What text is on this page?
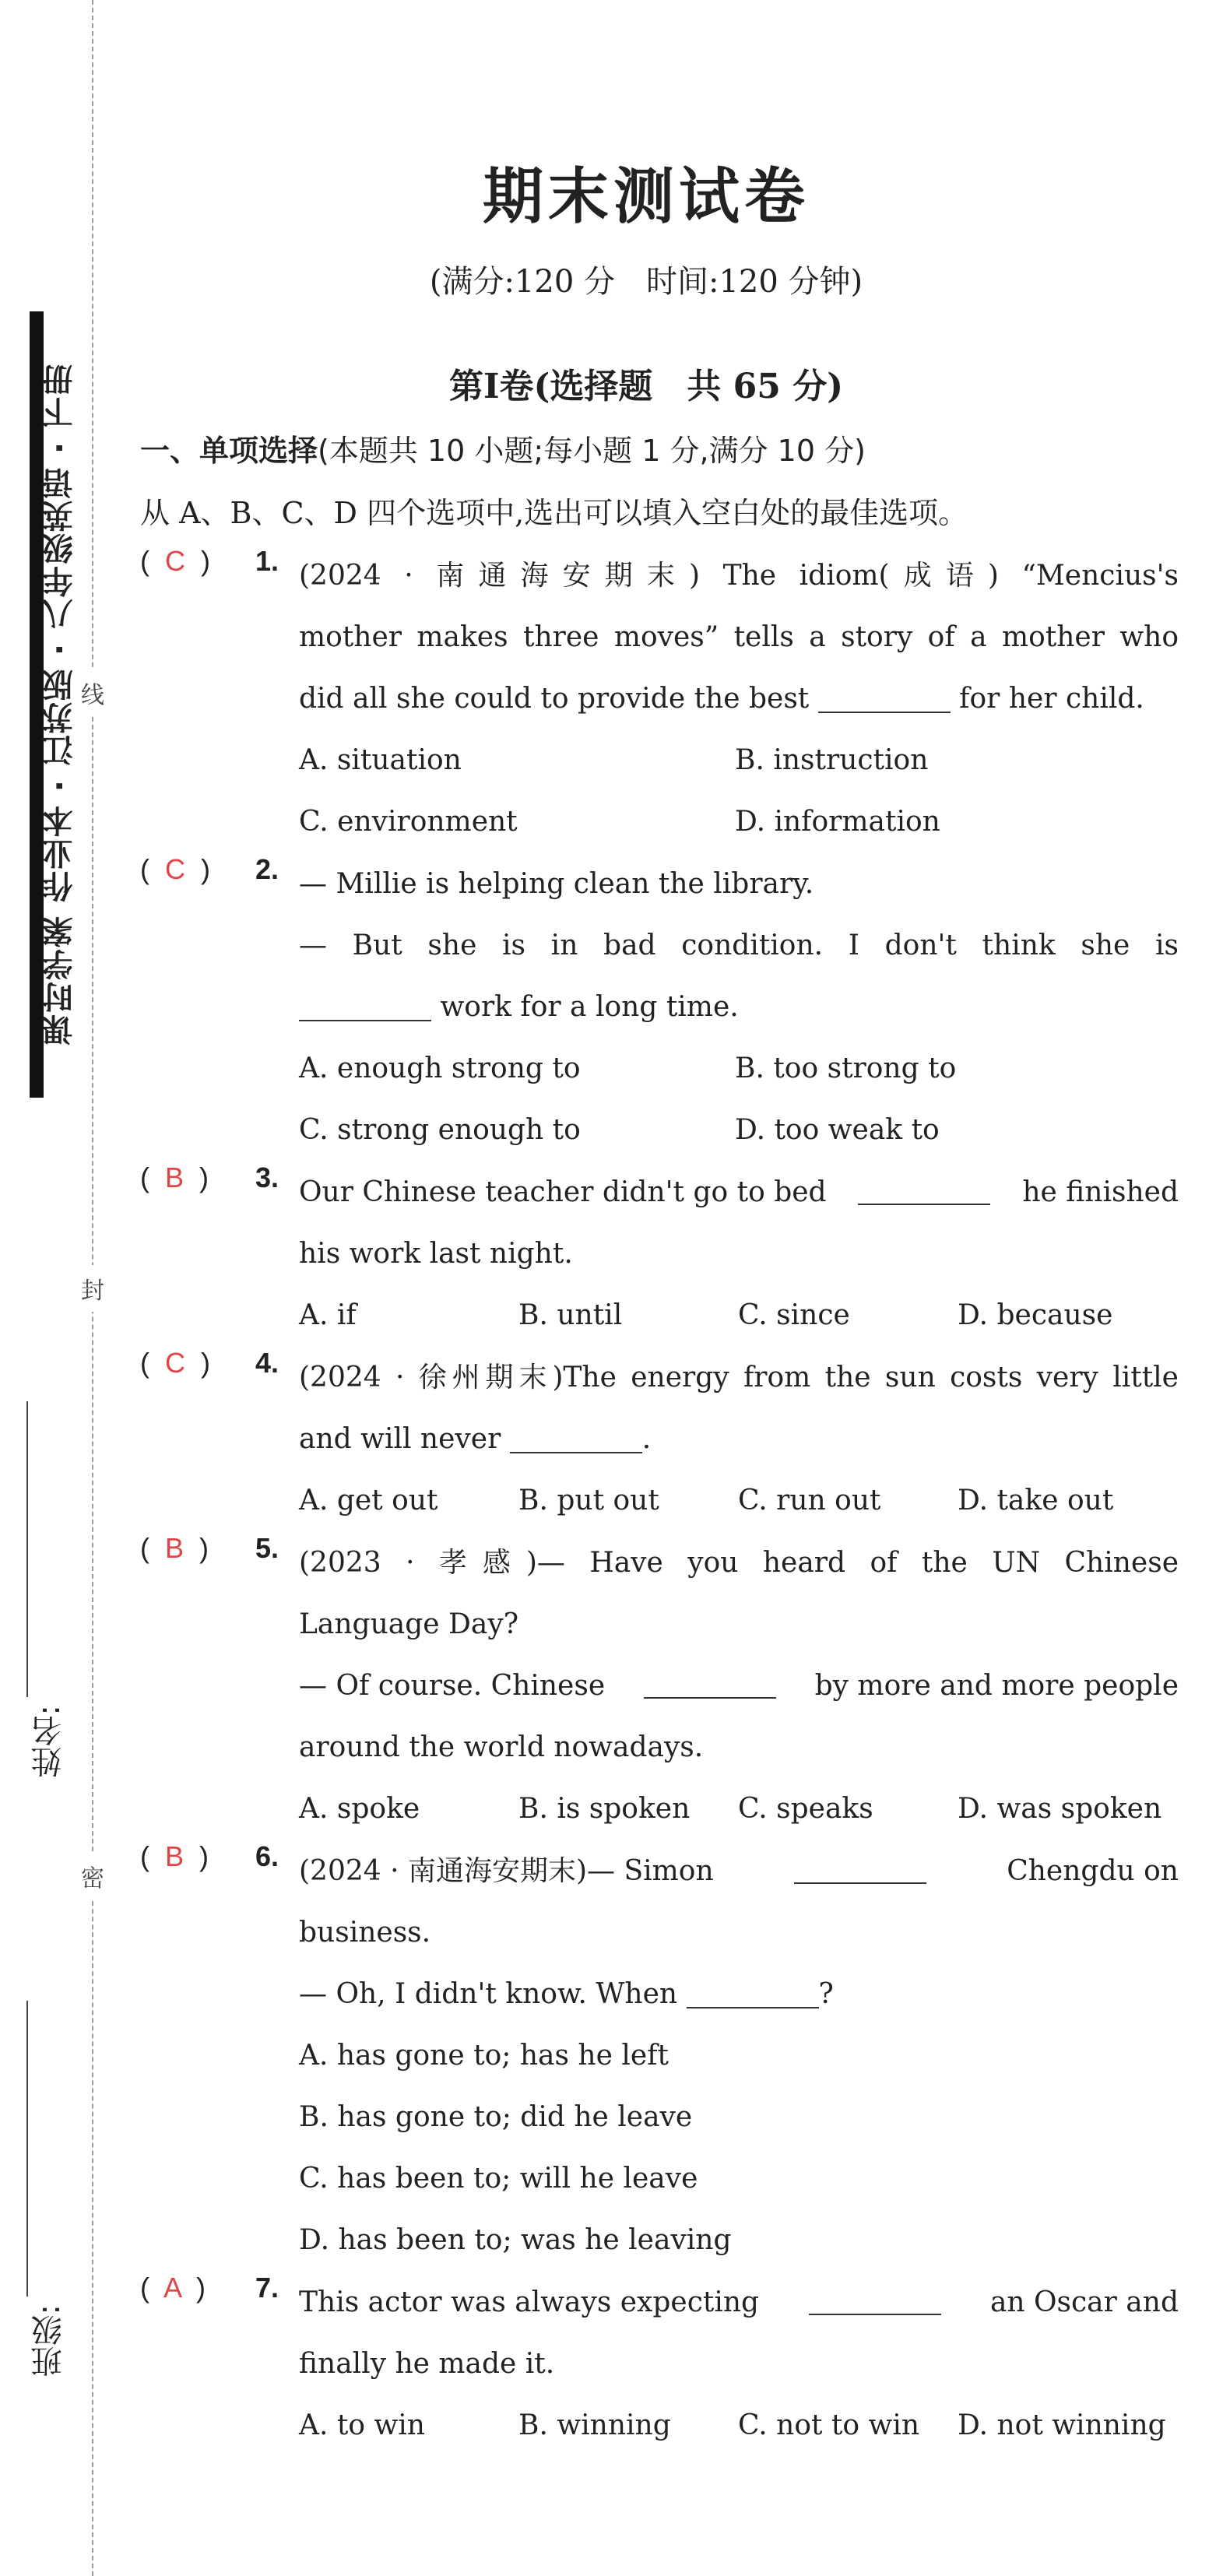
课时学案 作业本 · 江苏版 · 八年级英语 · 下册 线
封
密
姓名:
班级:
期末测试卷
(满分:120 分　时间:120 分钟)
第Ⅰ卷(选择题　共 65 分)
一、单项选择(本题共 10 小题;每小题 1 分,满分 10 分)
从 A、B、C、D 四个选项中,选出可以填入空白处的最佳选项。
(  C  ) 1. (2024 · 南通海安期末) The idiom(成语) “Mencius's
mother makes three moves” tells a story of a mother who
did all she could to provide the best	for her child.
A. situation	B. instruction
C. environment	D. information
(  C  ) 2. — Millie is helping clean the library.
— But she is in bad condition. I don't think she is
work for a long time.
A. enough strong to	B. too strong to
C. strong enough to	D. too weak to
(  B  ) 3. Our Chinese teacher didn't go to bed	he finished
his work last night.
A. if	B. until	C. since	D. because
(  C  ) 4. (2024 · 徐州期末)The energy from the sun costs very little
and will never	.
A. get out	B. put out	C. run out	D. take out
(  B  ) 5. (2023 · 孝感)— Have you heard of the UN Chinese
Language Day?
— Of course. Chinese	by more and more people
around the world nowadays.
A. spoke	B. is spoken	C. speaks	D. was spoken
(  B  ) 6. (2024 · 南通海安期末)— Simon	Chengdu on
business.
— Oh, I didn't know. When	?
A. has gone to; has he left
B. has gone to; did he leave
C. has been to; will he leave
D. has been to; was he leaving
(  A  ) 7. This actor was always expecting	an Oscar and
finally he made it.
A. to win	B. winning	C. not to win	D. not winning
